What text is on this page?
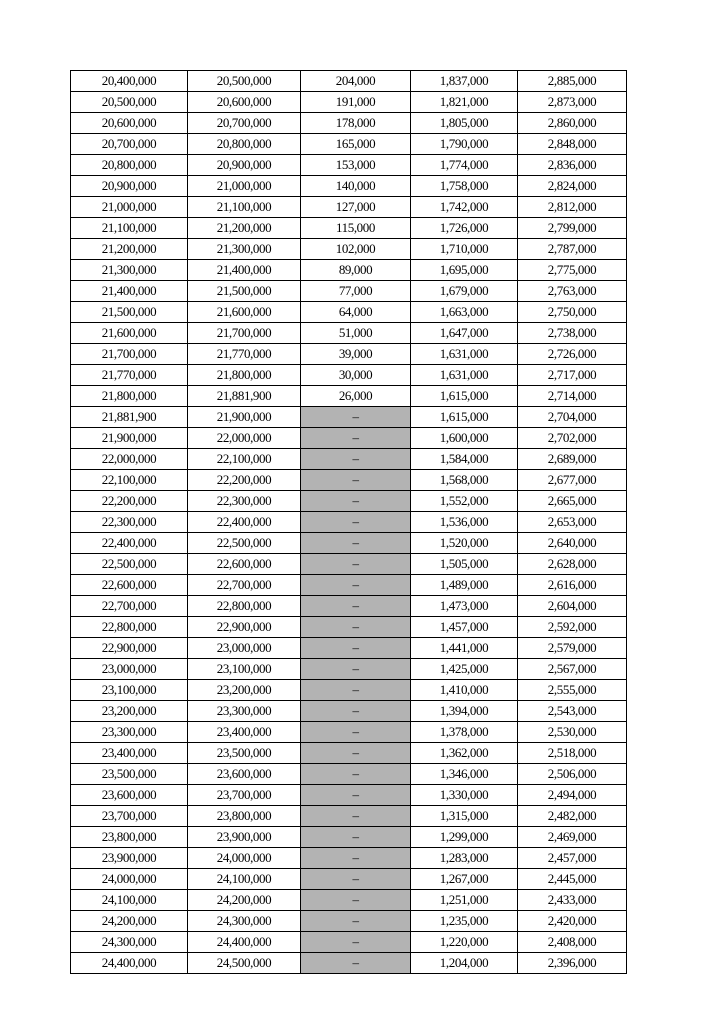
20,400,000	20,500,000	204,000	1,837,000	2,885,000
20,500,000	20,600,000	191,000	1,821,000	2,873,000
20,600,000	20,700,000	178,000	1,805,000	2,860,000
20,700,000	20,800,000	165,000	1,790,000	2,848,000
20,800,000	20,900,000	153,000	1,774,000	2,836,000
20,900,000	21,000,000	140,000	1,758,000	2,824,000
21,000,000	21,100,000	127,000	1,742,000	2,812,000
21,100,000	21,200,000	115,000	1,726,000	2,799,000
21,200,000	21,300,000	102,000	1,710,000	2,787,000
21,300,000	21,400,000	89,000	1,695,000	2,775,000
21,400,000	21,500,000	77,000	1,679,000	2,763,000
21,500,000	21,600,000	64,000	1,663,000	2,750,000
21,600,000	21,700,000	51,000	1,647,000	2,738,000
21,700,000	21,770,000	39,000	1,631,000	2,726,000
21,770,000	21,800,000	30,000	1,631,000	2,717,000
21,800,000	21,881,900	26,000	1,615,000	2,714,000
21,881,900	21,900,000	–	1,615,000	2,704,000
21,900,000	22,000,000	–	1,600,000	2,702,000
22,000,000	22,100,000	–	1,584,000	2,689,000
22,100,000	22,200,000	–	1,568,000	2,677,000
22,200,000	22,300,000	–	1,552,000	2,665,000
22,300,000	22,400,000	–	1,536,000	2,653,000
22,400,000	22,500,000	–	1,520,000	2,640,000
22,500,000	22,600,000	–	1,505,000	2,628,000
22,600,000	22,700,000	–	1,489,000	2,616,000
22,700,000	22,800,000	–	1,473,000	2,604,000
22,800,000	22,900,000	–	1,457,000	2,592,000
22,900,000	23,000,000	–	1,441,000	2,579,000
23,000,000	23,100,000	–	1,425,000	2,567,000
23,100,000	23,200,000	–	1,410,000	2,555,000
23,200,000	23,300,000	–	1,394,000	2,543,000
23,300,000	23,400,000	–	1,378,000	2,530,000
23,400,000	23,500,000	–	1,362,000	2,518,000
23,500,000	23,600,000	–	1,346,000	2,506,000
23,600,000	23,700,000	–	1,330,000	2,494,000
23,700,000	23,800,000	–	1,315,000	2,482,000
23,800,000	23,900,000	–	1,299,000	2,469,000
23,900,000	24,000,000	–	1,283,000	2,457,000
24,000,000	24,100,000	–	1,267,000	2,445,000
24,100,000	24,200,000	–	1,251,000	2,433,000
24,200,000	24,300,000	–	1,235,000	2,420,000
24,300,000	24,400,000	–	1,220,000	2,408,000
24,400,000	24,500,000	–	1,204,000	2,396,000
